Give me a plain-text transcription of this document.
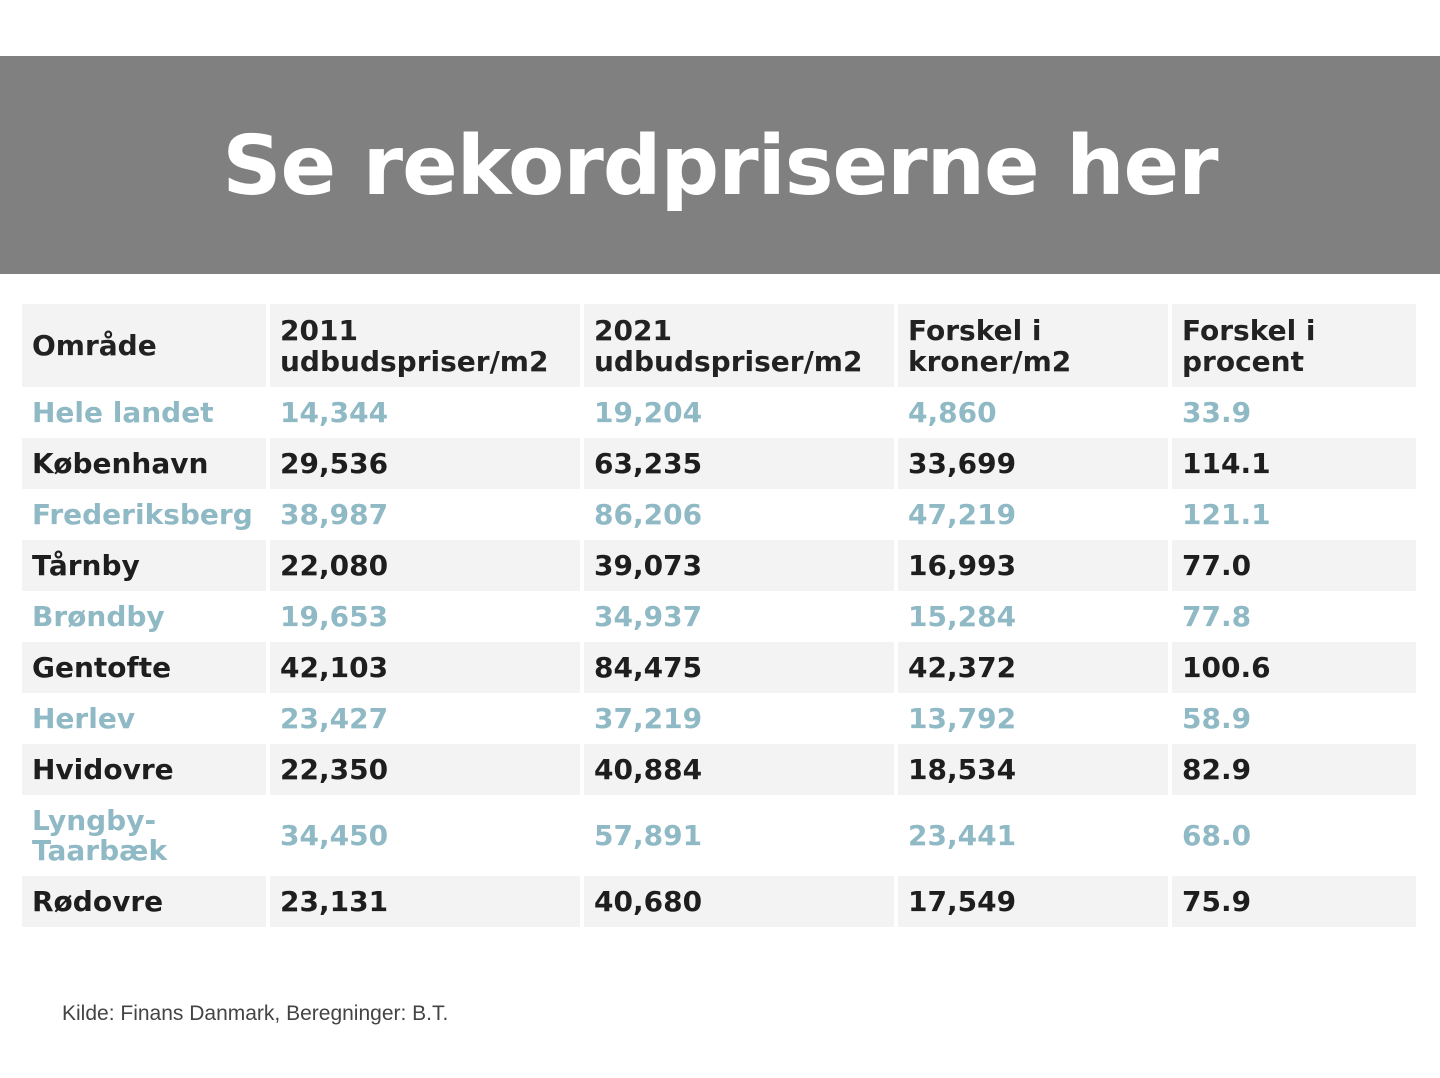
Se rekordpriserne her
Område	2011 udbudspriser/m2	2021 udbudspriser/m2	Forskel i kroner/m2	Forskel i procent
Hele landet	14,344	19,204	4,860	33.9
København	29,536	63,235	33,699	114.1
Frederiksberg	38,987	86,206	47,219	121.1
Tårnby	22,080	39,073	16,993	77.0
Brøndby	19,653	34,937	15,284	77.8
Gentofte	42,103	84,475	42,372	100.6
Herlev	23,427	37,219	13,792	58.9
Hvidovre	22,350	40,884	18,534	82.9
Lyngby-Taarbæk	34,450	57,891	23,441	68.0
Rødovre	23,131	40,680	17,549	75.9
Kilde: Finans Danmark, Beregninger: B.T.
